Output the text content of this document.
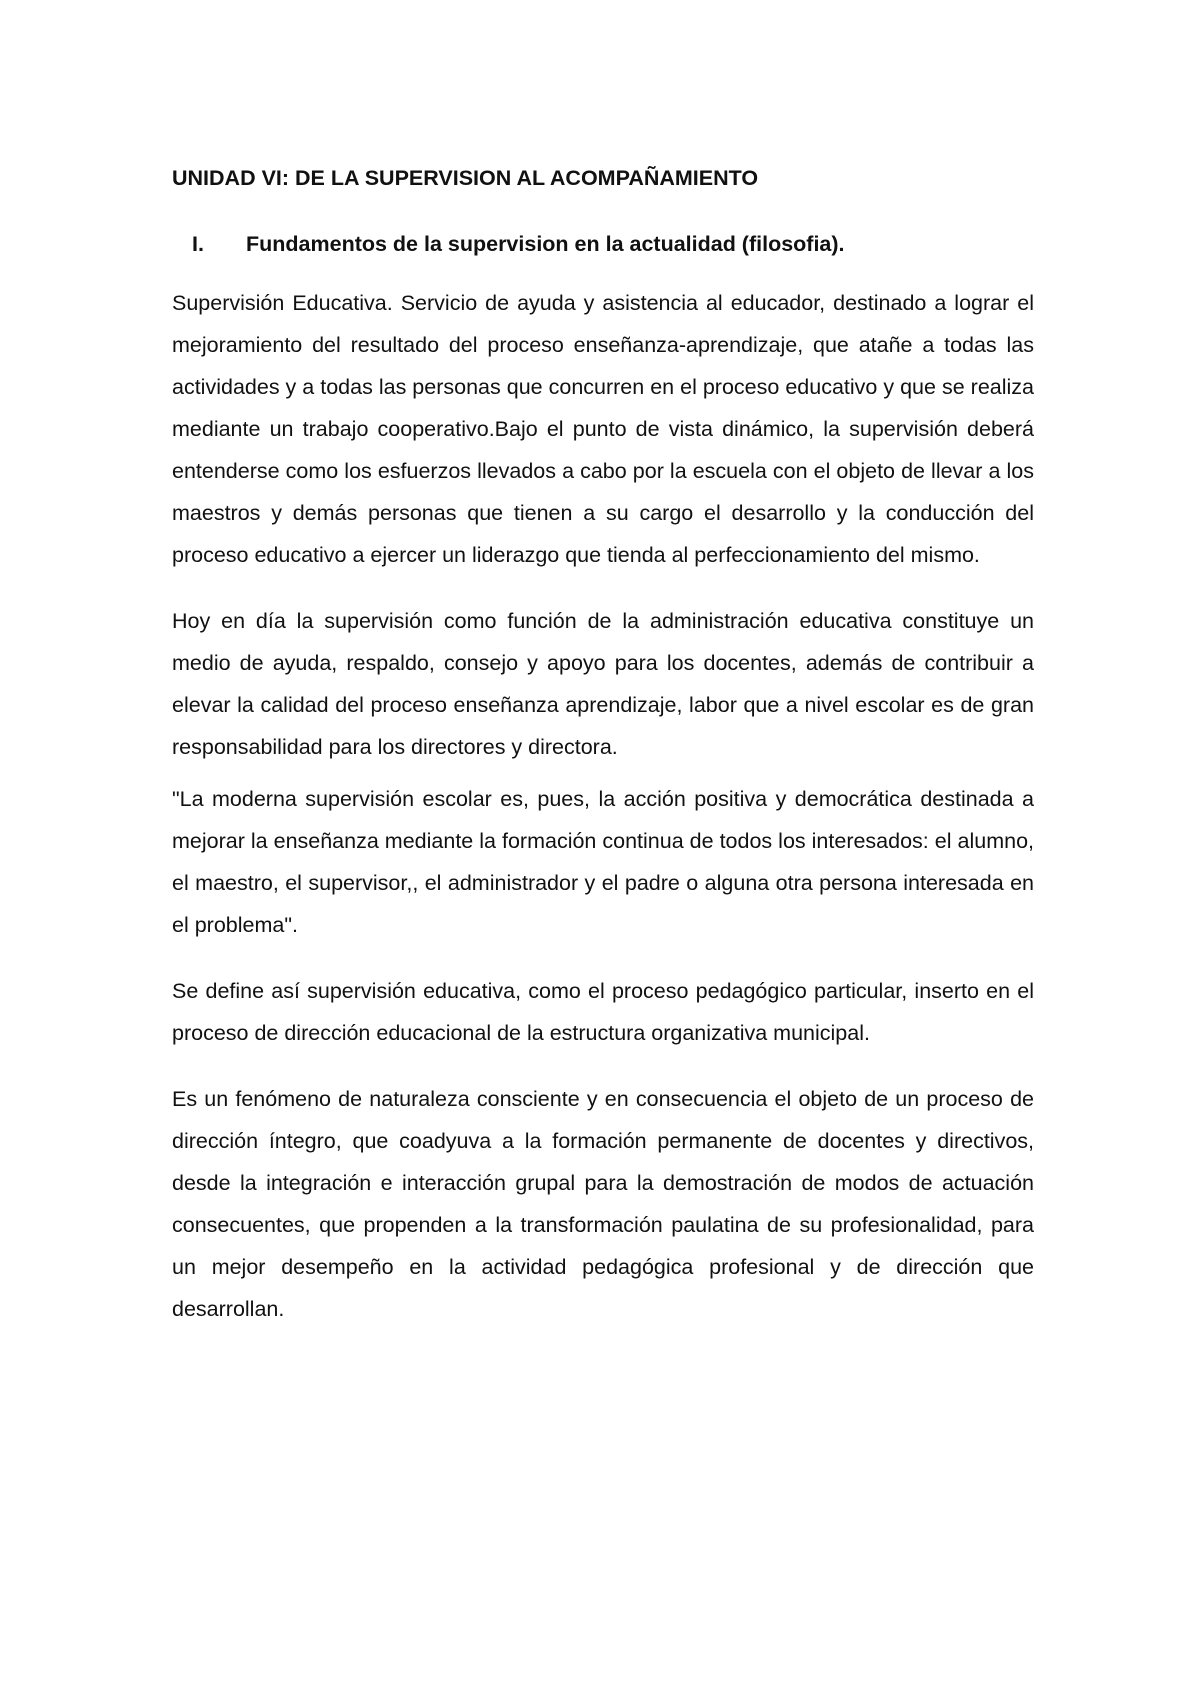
UNIDAD VI: DE LA SUPERVISION AL ACOMPAÑAMIENTO
I.	Fundamentos de la supervision en la actualidad (filosofia).

Supervisión Educativa. Servicio de ayuda y asistencia al educador, destinado a lograr el mejoramiento del resultado del proceso enseñanza-aprendizaje, que atañe a todas las actividades y a todas las personas que concurren en el proceso educativo y que se realiza mediante un trabajo cooperativo.Bajo el punto de vista dinámico, la supervisión deberá entenderse como los esfuerzos llevados a cabo por la escuela con el objeto de llevar a los maestros y demás personas que tienen a su cargo el desarrollo y la conducción del proceso educativo a ejercer un liderazgo que tienda al perfeccionamiento del mismo.

Hoy en día la supervisión como función de la administración educativa constituye un medio de ayuda, respaldo, consejo y apoyo para los docentes, además de contribuir a elevar la calidad del proceso enseñanza aprendizaje, labor que a nivel escolar es de gran responsabilidad para los directores y directora.

"La moderna supervisión escolar es, pues, la acción positiva y democrática destinada a mejorar la enseñanza mediante la formación continua de todos los interesados: el alumno, el maestro, el supervisor,, el administrador y el padre o alguna otra persona interesada en el problema".

Se define así supervisión educativa, como el proceso pedagógico particular, inserto en el proceso de dirección educacional de la estructura organizativa municipal.

Es un fenómeno de naturaleza consciente y en consecuencia el objeto de un proceso de dirección íntegro, que coadyuva a la formación permanente de docentes y directivos, desde la integración e interacción grupal para la demostración de modos de actuación consecuentes, que propenden a la transformación paulatina de su profesionalidad, para un mejor desempeño en la actividad pedagógica profesional y de dirección que desarrollan.
